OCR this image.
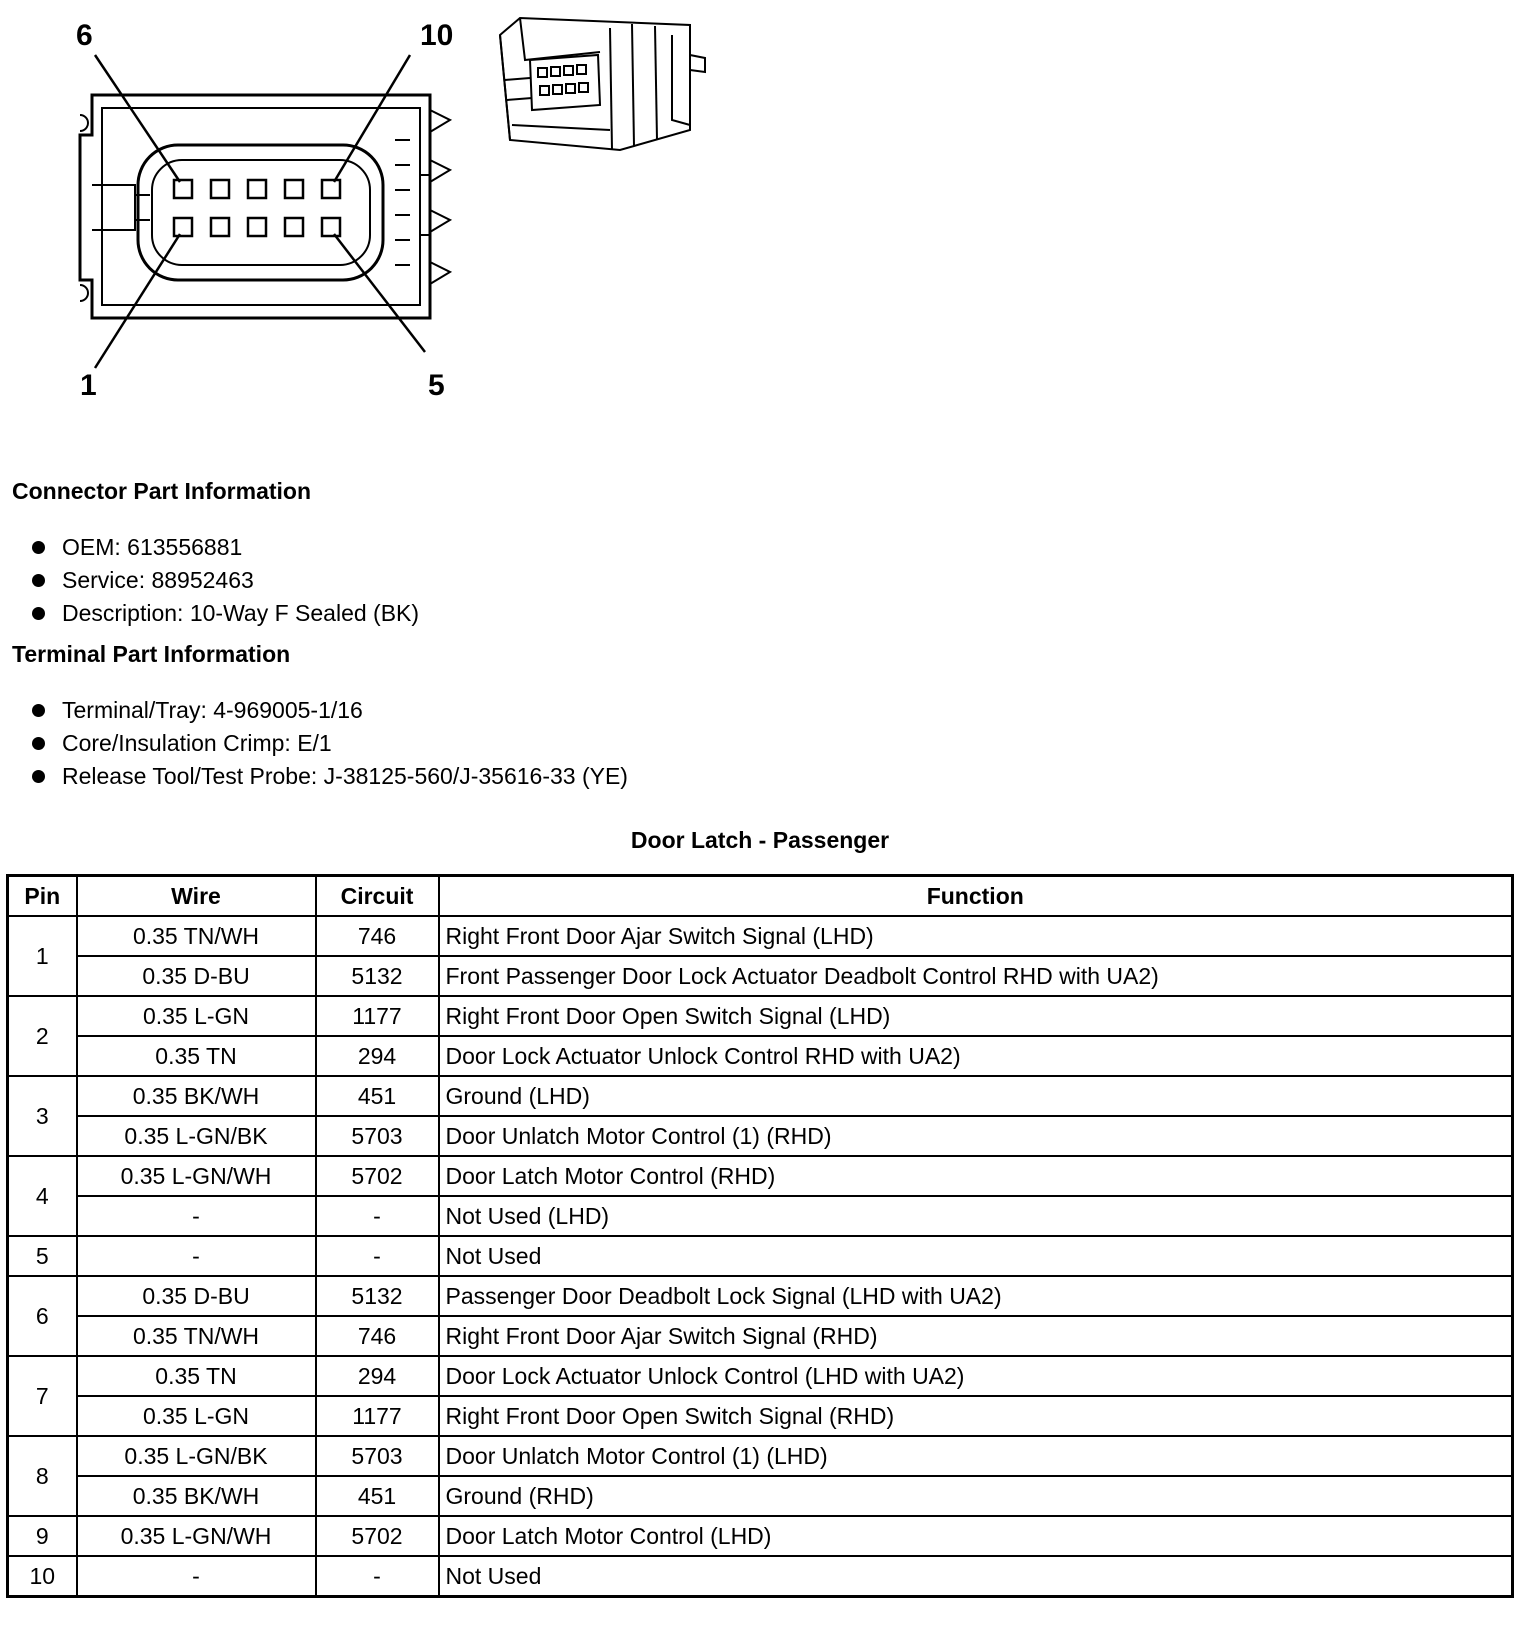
6	10
1	5
Connector Part Information
OEM: 613556881
Service: 88952463
Description: 10-Way F Sealed (BK)
Terminal Part Information
Terminal/Tray: 4-969005-1/16
Core/Insulation Crimp: E/1
Release Tool/Test Probe: J-38125-560/J-35616-33 (YE)
Door Latch - Passenger
Pin	Wire	Circuit	Function
1	0.35 TN/WH	746	Right Front Door Ajar Switch Signal (LHD)
	0.35 D-BU	5132	Front Passenger Door Lock Actuator Deadbolt Control RHD with UA2)
2	0.35 L-GN	1177	Right Front Door Open Switch Signal (LHD)
	0.35 TN	294	Door Lock Actuator Unlock Control RHD with UA2)
3	0.35 BK/WH	451	Ground (LHD)
	0.35 L-GN/BK	5703	Door Unlatch Motor Control (1) (RHD)
4	0.35 L-GN/WH	5702	Door Latch Motor Control (RHD)
	-	-	Not Used (LHD)
5	-	-	Not Used
6	0.35 D-BU	5132	Passenger Door Deadbolt Lock Signal (LHD with UA2)
	0.35 TN/WH	746	Right Front Door Ajar Switch Signal (RHD)
7	0.35 TN	294	Door Lock Actuator Unlock Control (LHD with UA2)
	0.35 L-GN	1177	Right Front Door Open Switch Signal (RHD)
8	0.35 L-GN/BK	5703	Door Unlatch Motor Control (1) (LHD)
	0.35 BK/WH	451	Ground (RHD)
9	0.35 L-GN/WH	5702	Door Latch Motor Control (LHD)
10	-	-	Not Used
